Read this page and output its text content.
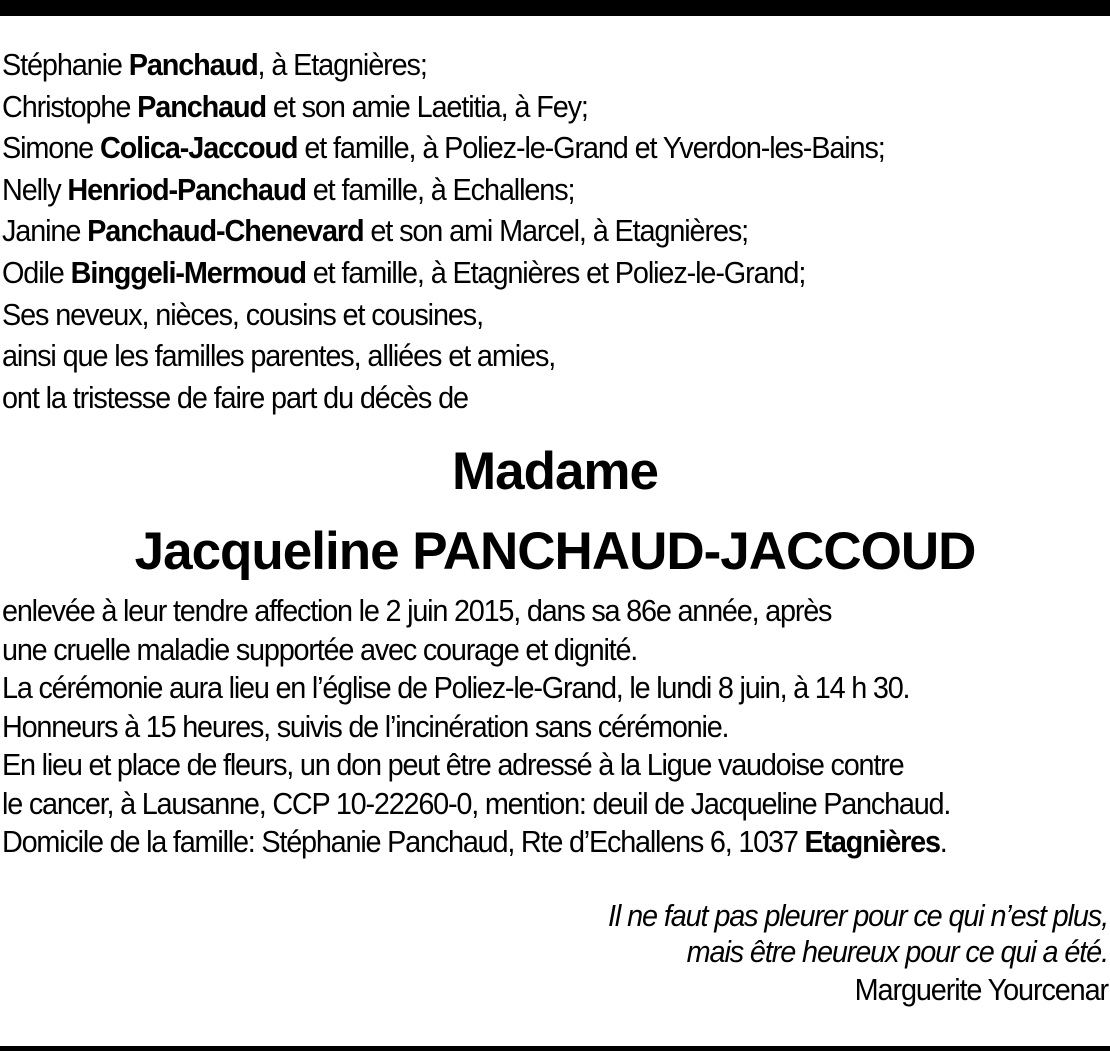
Stéphanie Panchaud, à Etagnières;
Christophe Panchaud et son amie Laetitia, à Fey;
Simone Colica-Jaccoud et famille, à Poliez-le-Grand et Yverdon-les-Bains;
Nelly Henriod-Panchaud et famille, à Echallens;
Janine Panchaud-Chenevard et son ami Marcel, à Etagnières;
Odile Binggeli-Mermoud et famille, à Etagnières et Poliez-le-Grand;
Ses neveux, nièces, cousins et cousines,
ainsi que les familles parentes, alliées et amies,
ont la tristesse de faire part du décès de
Madame
Jacqueline PANCHAUD-JACCOUD
enlevée à leur tendre affection le 2 juin 2015, dans sa 86e année, après
une cruelle maladie supportée avec courage et dignité.
La cérémonie aura lieu en l’église de Poliez-le-Grand, le lundi 8 juin, à 14 h 30.
Honneurs à 15 heures, suivis de l’incinération sans cérémonie.
En lieu et place de fleurs, un don peut être adressé à la Ligue vaudoise contre
le cancer, à Lausanne, CCP 10-22260-0, mention: deuil de Jacqueline Panchaud.
Domicile de la famille: Stéphanie Panchaud, Rte d’Echallens 6, 1037 Etagnières.
Il ne faut pas pleurer pour ce qui n’est plus,
mais être heureux pour ce qui a été.
Marguerite Yourcenar
